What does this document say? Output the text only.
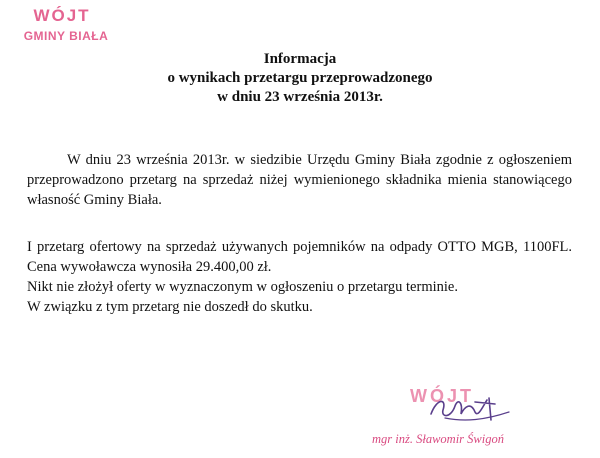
WÓJT
GMINY BIAŁA
Informacja
o wynikach przetargu przeprowadzonego
w dniu 23 września 2013r.
W dniu 23 września 2013r. w siedzibie Urzędu Gminy Biała zgodnie z ogłoszeniem przeprowadzono przetarg na sprzedaż niżej wymienionego składnika mienia stanowiącego własność Gminy Biała.
I przetarg ofertowy na sprzedaż używanych pojemników na odpady OTTO MGB, 1100FL. Cena wywoławcza wynosiła 29.400,00 zł.
Nikt nie złożył oferty w wyznaczonym w ogłoszeniu o przetargu terminie.
W związku z tym przetarg nie doszedł do skutku.
WÓJT
mgr inż. Sławomir Świgoń
